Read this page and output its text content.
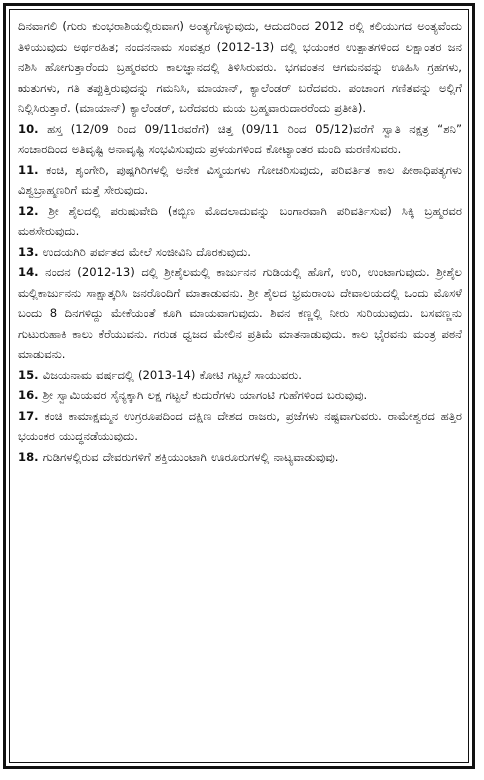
ದಿನವಾಗಲಿ (ಗುರು ಕುಂಭರಾಶಿಯಲ್ಲಿರುವಾಗ) ಅಂತ್ಯಗೊಳ್ಳುವುದು, ಆದುದರಿಂದ 2012 ರಲ್ಲಿ ಕಲಿಯುಗದ ಅಂತ್ಯವೆಂದು ತಿಳಿಯುವುದು ಅರ್ಥರಹಿತ; ನಂದನನಾಮ ಸಂವತ್ಸರ (2012-13) ದಲ್ಲಿ ಭಯಂಕರ ಉತ್ಪಾತಗಳಿಂದ ಲಕ್ಷಾಂತರ ಜನ ನಶಿಸಿ ಹೋಗುತ್ತಾರೆಂದು ಬ್ರಹ್ಮರವರು ಕಾಲಜ್ಞಾನದಲ್ಲಿ ತಿಳಿಸಿರುವರು. ಭಗವಂತನ ಆಗಮನವನ್ನು ಊಹಿಸಿ ಗ್ರಹಗಳು, ಋತುಗಳು, ಗತಿ ತಪ್ಪುತ್ತಿರುವುದನ್ನು ಗಮನಿಸಿ, ಮಾಯಾನ್, ಕ್ಯಾಲೆಂಡರ್ ಬರೆದವರು. ಪಂಚಾಂಗ ಗಣಿತವನ್ನು ಅಲ್ಲಿಗೆ ನಿಲ್ಲಿಸಿರುತ್ತಾರೆ. (ಮಾಯಾನ್) ಕ್ಯಾಲೆಂಡರ್, ಬರೆದವರು ಮಯ ಬ್ರಹ್ಮವಾರುದಾರರೆಂದು ಪ್ರತೀತಿ).

10. ಹಸ್ತ (12/09 ರಿಂದ 09/11ರವರೆಗೆ) ಚಿತ್ತ (09/11 ರಿಂದ 05/12)ವರೆಗೆ ಸ್ವಾತಿ ನಕ್ಷತ್ರ “ಶನಿ” ಸಂಚಾರದಿಂದ ಅತಿವೃಷ್ಟಿ ಅನಾವೃಷ್ಟಿ ಸಂಭವಿಸುವುದು ಪ್ರಳಯಗಳಿಂದ ಕೋಟ್ಯಾಂತರ ಮಂದಿ ಮರಣಿಸುವರು.

11. ಕಂಚಿ, ಶೃಂಗೇರಿ, ಪುಷ್ಪಗಿರಿಗಳಲ್ಲಿ ಅನೇಕ ವಿಸ್ಮಯಗಳು ಗೋಚರಿಸುವುದು, ಪರಿವರ್ತಿತ ಕಾಲ ಪೀಠಾಧಿಪತ್ಯಗಳು ವಿಶ್ವಬ್ರಾಹ್ಮಣರಿಗೆ ಮತ್ತೆ ಸೇರುವುದು.

12. ಶ್ರೀ ಶೈಲದಲ್ಲಿ ಪರುಷುವೇದಿ (ಕಬ್ಬಿಣ ಮೊದಲಾದುವನ್ನು ಬಂಗಾರವಾಗಿ ಪರಿವರ್ತಿಸುವ) ಸಿಕ್ಕಿ ಬ್ರಹ್ಮರವರ ಮಠಸೇರುವುದು.

13. ಉದಯಗಿರಿ ಪರ್ವತದ ಮೇಲೆ ಸಂಜೀವಿನಿ ದೊರಕುವುದು.

14. ನಂದನ (2012-13) ದಲ್ಲಿ ಶ್ರೀಶೈಲಮಲ್ಲಿ ಕಾರ್ಜುನನ ಗುಡಿಯಲ್ಲಿ ಹೊಗೆ, ಉರಿ, ಉಂಟಾಗುವುದು. ಶ್ರೀಶೈಲ ಮಲ್ಲಿಕಾರ್ಜುನನು ಸಾಕ್ಷಾತ್ಕರಿಸಿ ಜನರೊಂದಿಗೆ ಮಾತಾಡುವನು. ಶ್ರೀ ಶೈಲದ ಭ್ರಮರಾಂಬ ದೇವಾಲಯದಲ್ಲಿ ಒಂದು ಮೊಸಳೆ ಬಂದು 8 ದಿನಗಳಿದ್ದು ಮೇಕೆಯಂತೆ ಕೂಗಿ ಮಾಯವಾಗುವುದು. ಶಿವನ ಕಣ್ಣಲ್ಲಿ ನೀರು ಸುರಿಯುವುದು. ಬಸವಣ್ಣನು ಗುಟುರುಹಾಕಿ ಕಾಲು ಕೆರೆಯುವನು. ಗರುಡ ಧ್ವಜದ ಮೇಲಿನ ಪ್ರತಿಮೆ ಮಾತನಾಡುವುದು. ಕಾಲ ಭೈರವನು ಮಂತ್ರ ಪಠನೆ ಮಾಡುವನು.

15. ವಿಜಯನಾಮ ವರ್ಷದಲ್ಲಿ (2013-14) ಕೋಟಿ ಗಟ್ಟಲೆ ಸಾಯುವರು.

16. ಶ್ರೀ ಸ್ವಾಮಿಯವರ ಸೈನ್ಯಕ್ಕಾಗಿ ಲಕ್ಷ ಗಟ್ಟಲೆ ಕುದುರೆಗಳು ಯಾಗಂಟಿ ಗುಹೆಗಳಿಂದ ಬರುವುವು.

17. ಕಂಚಿ ಕಾಮಾಕ್ಷಮ್ಮನ ಉಗ್ರರೂಪದಿಂದ ದಕ್ಷಿಣ ದೇಶದ ರಾಜರು, ಪ್ರಜೆಗಳು ನಷ್ಟವಾಗುವರು. ರಾಮೇಶ್ವರದ ಹತ್ತಿರ ಭಯಂಕರ ಯುದ್ಧನಡೆಯುವುದು.

18. ಗುಡಿಗಳಲ್ಲಿರುವ ದೇವರುಗಳಿಗೆ ಶಕ್ತಿಯುಂಟಾಗಿ ಊರೂರುಗಳಲ್ಲಿ ನಾಟ್ಯವಾಡುವುವು.
